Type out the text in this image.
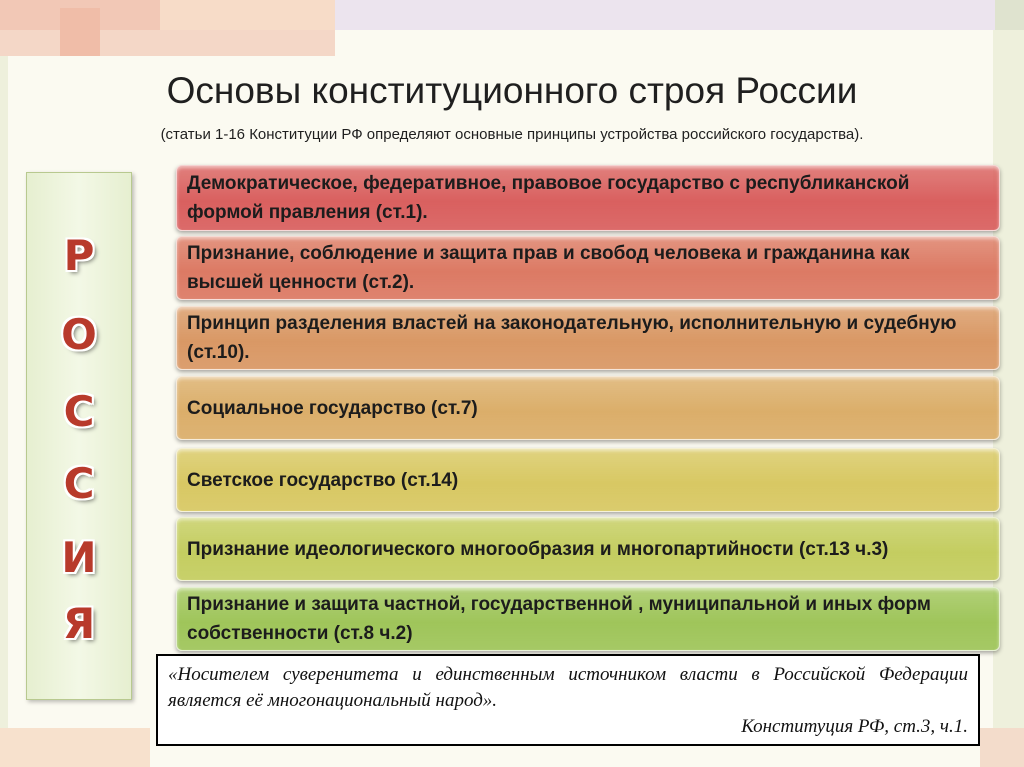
Основы конституционного строя России
(статьи 1-16 Конституции РФ определяют основные принципы устройства российского государства).
Р
О
С
С
И
Я
Демократическое, федеративное, правовое государство с республиканской формой правления (ст.1).
Признание, соблюдение и защита прав и свобод человека и гражданина как высшей ценности (ст.2).
Принцип разделения властей на законодательную, исполнительную и судебную (ст.10).
Социальное государство (ст.7)
Светское государство (ст.14)
Признание идеологического многообразия и многопартийности (ст.13 ч.3)
Признание и защита частной, государственной , муниципальной и иных форм собственности (ст.8 ч.2)
«Носителем суверенитета и единственным источником власти в Российской Федерации является её многонациональный народ».
Конституция РФ, ст.3, ч.1.
